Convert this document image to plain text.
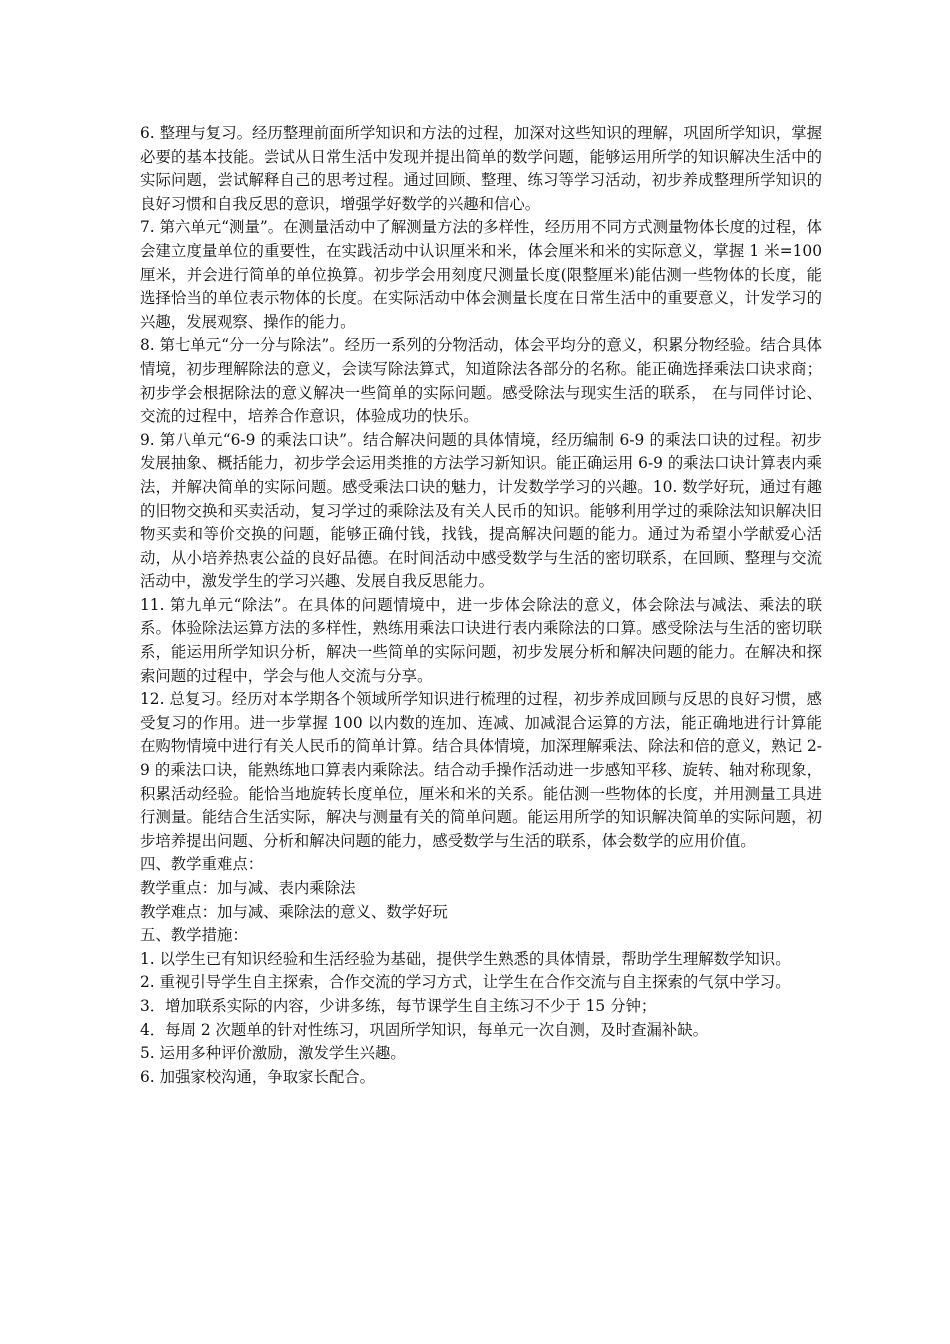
6. 整理与复习。经历整理前面所学知识和方法的过程，加深对这些知识的理解，巩固所学知识，掌握必要的基本技能。尝试从日常生活中发现并提出简单的数学问题，能够运用所学的知识解决生活中的实际问题，尝试解释自己的思考过程。通过回顾、整理、练习等学习活动，初步养成整理所学知识的良好习惯和自我反思的意识，增强学好数学的兴趣和信心。

7. 第六单元“测量”。在测量活动中了解测量方法的多样性，经历用不同方式测量物体长度的过程，体会建立度量单位的重要性，在实践活动中认识厘米和米，体会厘米和米的实际意义，掌握 1 米=100 厘米，并会进行简单的单位换算。初步学会用刻度尺测量长度(限整厘米)能估测一些物体的长度，能选择恰当的单位表示物体的长度。在实际活动中体会测量长度在日常生活中的重要意义，计发学习的兴趣，发展观察、操作的能力。

8. 第七单元“分一分与除法”。经历一系列的分物活动，体会平均分的意义，积累分物经验。结合具体情境，初步理解除法的意义，会读写除法算式，知道除法各部分的名称。能正确选择乘法口诀求商；初步学会根据除法的意义解决一些简单的实际问题。感受除法与现实生活的联系， 在与同伴讨论、交流的过程中，培养合作意识，体验成功的快乐。

9. 第八单元“6-9 的乘法口诀”。结合解决问题的具体情境，经历编制 6-9 的乘法口诀的过程。初步发展抽象、概括能力，初步学会运用类推的方法学习新知识。能正确运用 6-9 的乘法口诀计算表内乘法，并解决简单的实际问题。感受乘法口诀的魅力，计发数学学习的兴趣。10. 数学好玩，通过有趣的旧物交换和买卖活动，复习学过的乘除法及有关人民币的知识。能够利用学过的乘除法知识解决旧物买卖和等价交换的问题，能够正确付钱，找钱，提高解决问题的能力。通过为希望小学献爱心活动，从小培养热衷公益的良好品德。在时间活动中感受数学与生活的密切联系，在回顾、整理与交流活动中，激发学生的学习兴趣、发展自我反思能力。

11. 第九单元“除法”。在具体的问题情境中，进一步体会除法的意义，体会除法与减法、乘法的联系。体验除法运算方法的多样性，熟练用乘法口诀进行表内乘除法的口算。感受除法与生活的密切联系，能运用所学知识分析，解决一些简单的实际问题，初步发展分析和解决问题的能力。在解决和探索问题的过程中，学会与他人交流与分享。

12. 总复习。经历对本学期各个领域所学知识进行梳理的过程，初步养成回顾与反思的良好习惯，感受复习的作用。进一步掌握 100 以内数的连加、连减、加减混合运算的方法，能正确地进行计算能在购物情境中进行有关人民币的简单计算。结合具体情境，加深理解乘法、除法和倍的意义，熟记 2-9 的乘法口诀，能熟练地口算表内乘除法。结合动手操作活动进一步感知平移、旋转、轴对称现象，积累活动经验。能恰当地旋转长度单位，厘米和米的关系。能估测一些物体的长度，并用测量工具进行测量。能结合生活实际，解决与测量有关的简单问题。能运用所学的知识解决简单的实际问题，初步培养提出问题、分析和解决问题的能力，感受数学与生活的联系，体会数学的应用价值。

四、教学重难点：

教学重点：加与减、表内乘除法

教学难点：加与减、乘除法的意义、数学好玩

五、教学措施：

1. 以学生已有知识经验和生活经验为基础，提供学生熟悉的具体情景，帮助学生理解数学知识。

2. 重视引导学生自主探索，合作交流的学习方式，让学生在合作交流与自主探索的气氛中学习。

3．增加联系实际的内容，少讲多练，每节课学生自主练习不少于 15 分钟；

4．每周 2 次题单的针对性练习，巩固所学知识，每单元一次自测，及时查漏补缺。

5. 运用多种评价激励，激发学生兴趣。

6. 加强家校沟通，争取家长配合。
